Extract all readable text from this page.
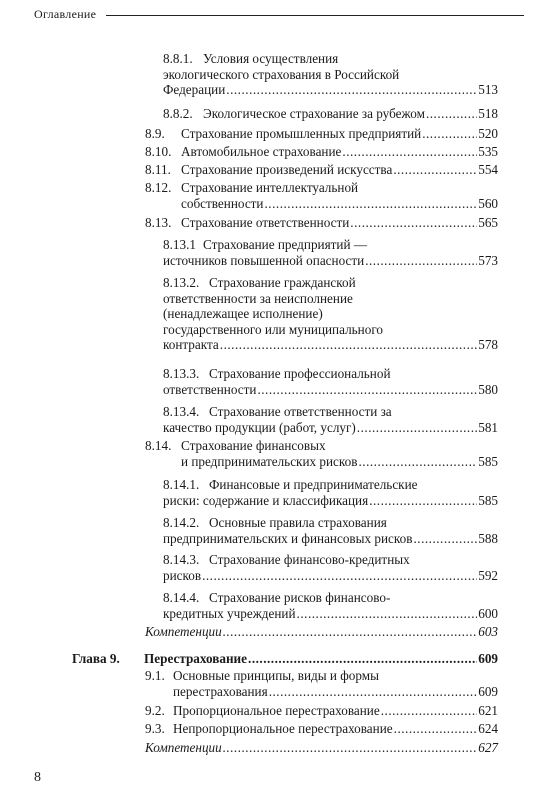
Оглавление
8.8.1. Условия осуществления
экологического страхования в Российской
Федерации .....	513
8.8.2. Экологическое страхование за рубежом .....	518
8.9.	Страхование промышленных предприятий .....	520
8.10. Автомобильное страхование .....	535
8.11. Страхование произведений искусства .....	554
8.12. Страхование интеллектуальной
собственности .....	560
8.13. Страхование ответственности .....	565
8.13.1 Страхование предприятий —
источников повышенной опасности .....	573
8.13.2. Страхование гражданской
ответственности за неисполнение
(ненадлежащее исполнение)
государственного или муниципального
контракта .....	578
8.13.3. Страхование профессиональной
ответственности .....	580
8.13.4. Страхование ответственности за
качество продукции (работ, услуг) .....	581
8.14. Страхование финансовых
и предпринимательских рисков .....	585
8.14.1. Финансовые и предпринимательские
риски: содержание и классификация .....	585
8.14.2. Основные правила страхования
предпринимательских и финансовых рисков .....	588
8.14.3. Страхование финансово-кредитных
рисков .....	592
8.14.4. Страхование рисков финансово-
кредитных учреждений .....	600
Компетенции .....	603
Глава 9.	Перестрахование .....	609
9.1. Основные принципы, виды и формы
перестрахования .....	609
9.2. Пропорциональное перестрахование .....	621
9.3. Непропорциональное перестрахование .....	624
Компетенции .....	627
8
